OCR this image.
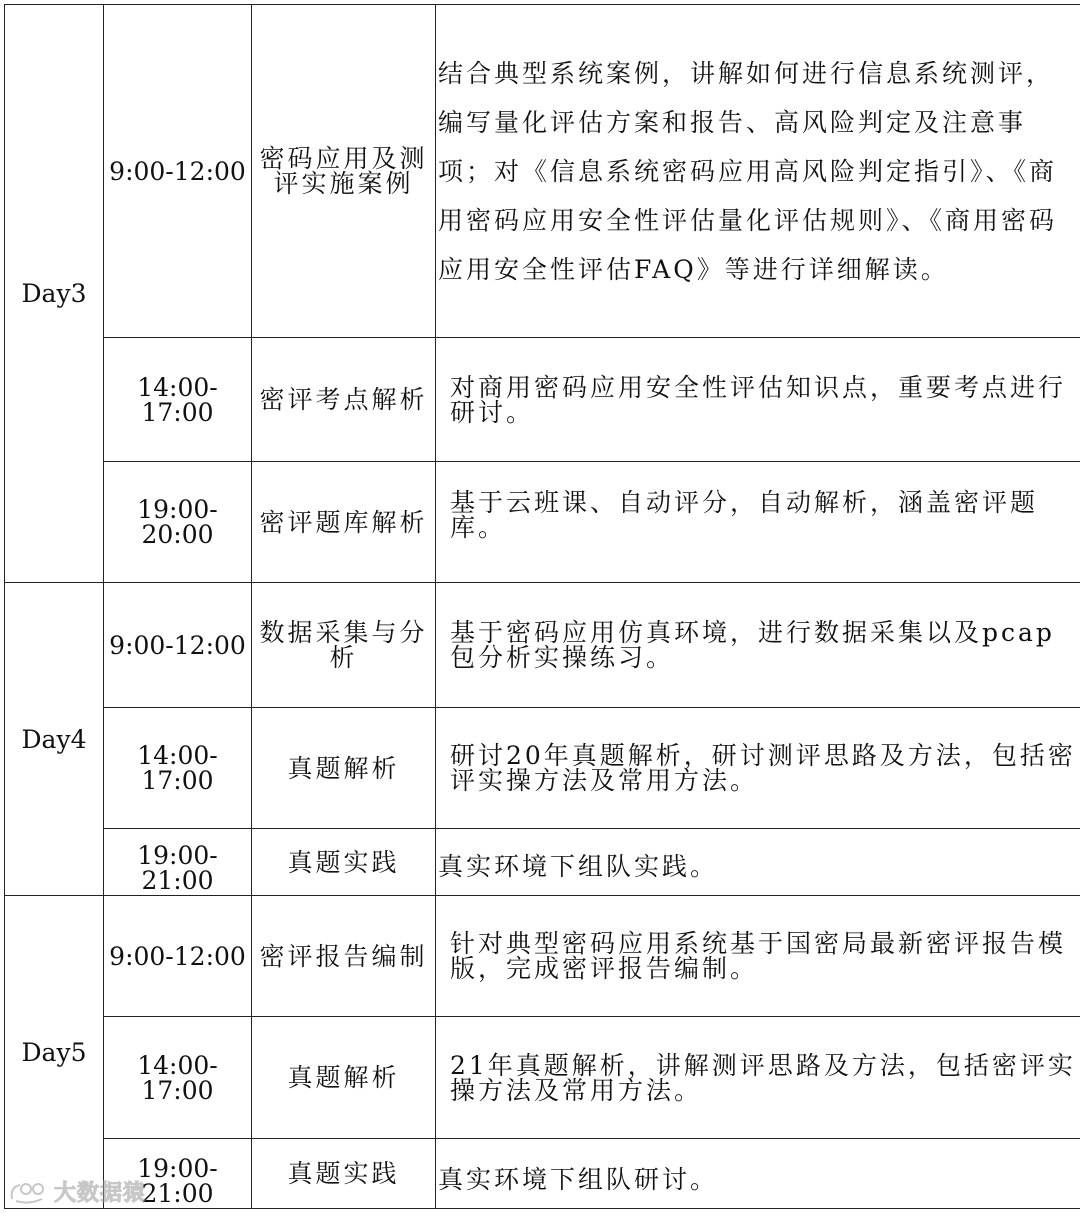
Day3	9:00-12:00	密码应用及测评实施案例	结合典型系统案例，讲解如何进行信息系统测评，编写量化评估方案和报告、高风险判定及注意事项；对《信息系统密码应用高风险判定指引》、《商用密码应用安全性评估量化评估规则》、《商用密码应用安全性评估FAQ》等进行详细解读。

	14:00-17:00	密评考点解析	对商用密码应用安全性评估知识点，重要考点进行研讨。

	19:00-20:00	密评题库解析	基于云班课、自动评分，自动解析，涵盖密评题库。

Day4	9:00-12:00	数据采集与分析	基于密码应用仿真环境，进行数据采集以及pcap包分析实操练习。

	14:00-17:00	真题解析	研讨20年真题解析，研讨测评思路及方法，包括密评实操方法及常用方法。

	19:00-21:00	真题实践	真实环境下组队实践。

Day5	9:00-12:00	密评报告编制	针对典型密码应用系统基于国密局最新密评报告模版，完成密评报告编制。

	14:00-17:00	真题解析	21年真题解析，讲解测评思路及方法，包括密评实操方法及常用方法。

	19:00-21:00	真题实践	真实环境下组队研讨。
大数据猿
